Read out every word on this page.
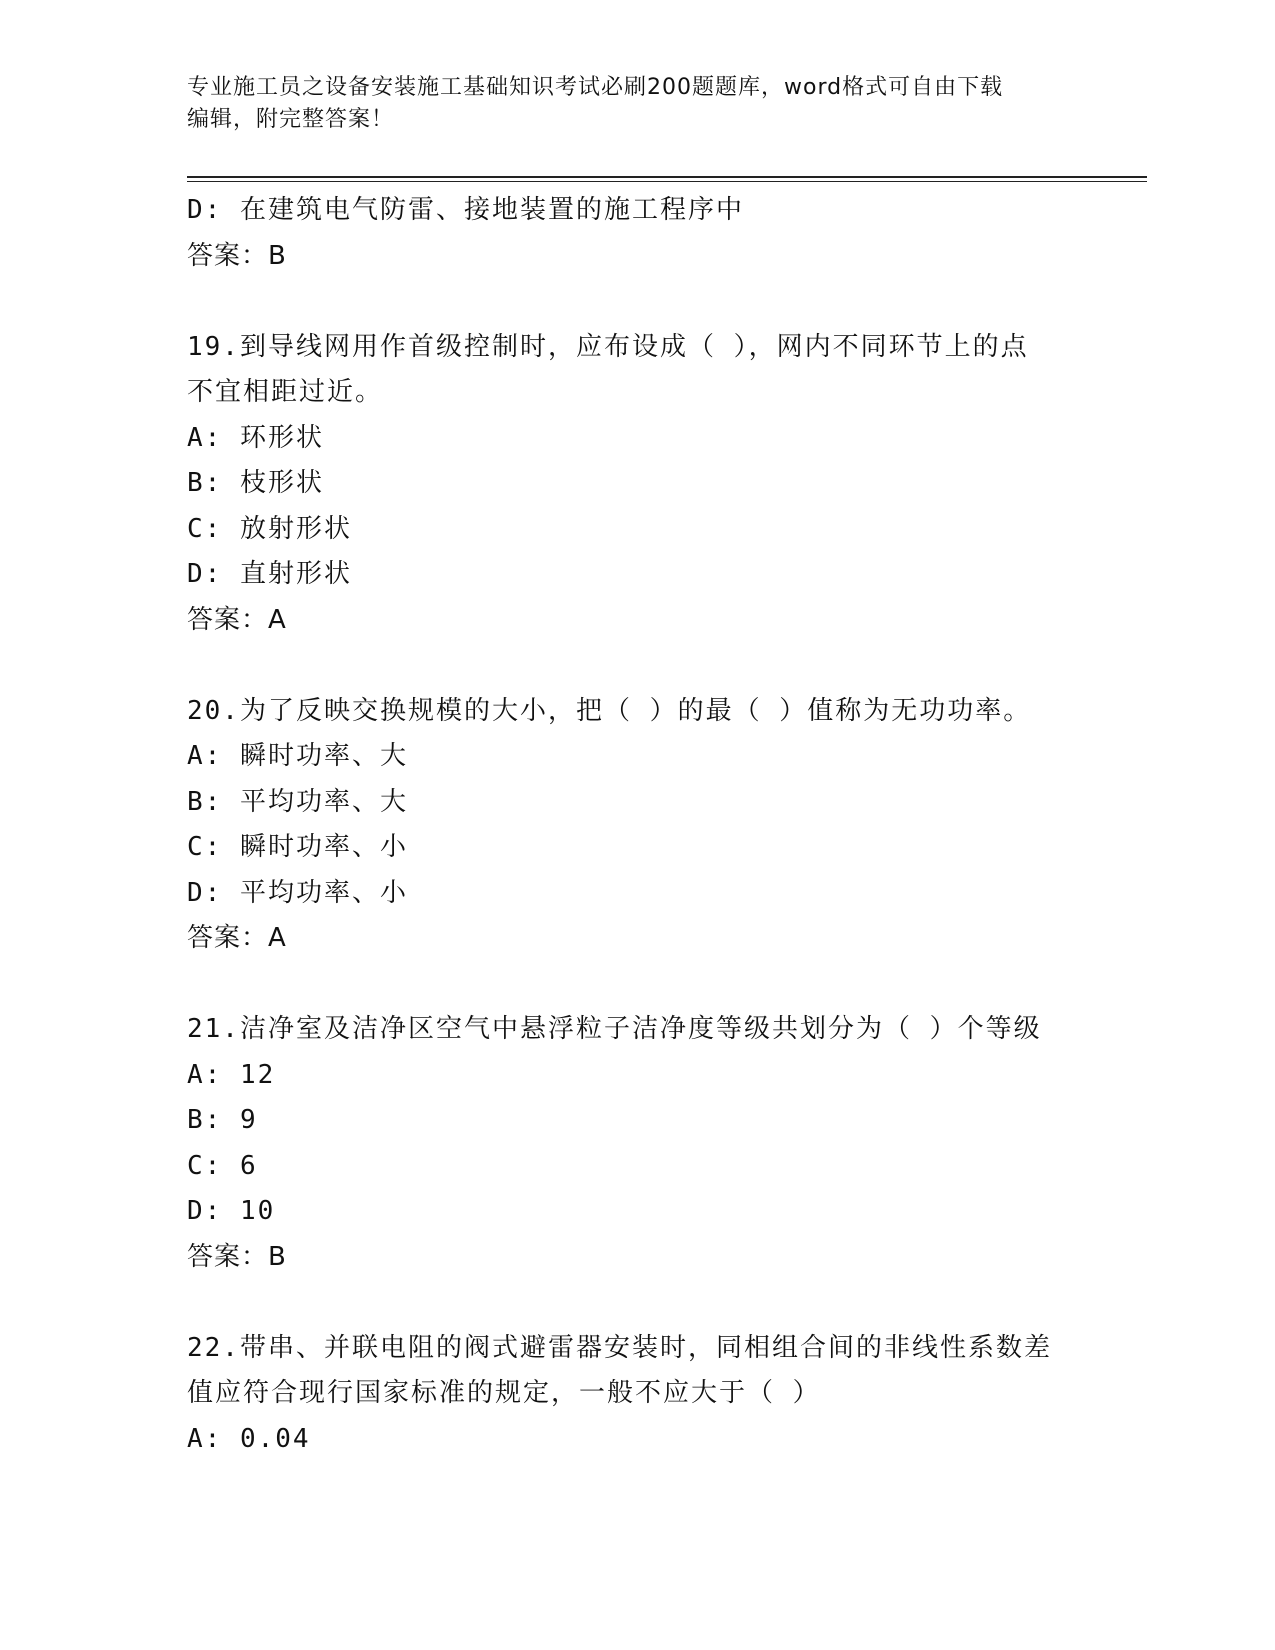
专业施工员之设备安装施工基础知识考试必刷200题题库，word格式可自由下载
编辑，附完整答案！
D: 在建筑电气防雷、接地装置的施工程序中
答案：B
19.到导线网用作首级控制时，应布设成（ ），网内不同环节上的点
不宜相距过近。
A: 环形状
B: 枝形状
C: 放射形状
D: 直射形状
答案：A
20.为了反映交换规模的大小，把（ ）的最（ ）值称为无功功率。
A: 瞬时功率、大
B: 平均功率、大
C: 瞬时功率、小
D: 平均功率、小
答案：A
21.洁净室及洁净区空气中悬浮粒子洁净度等级共划分为（ ）个等级
A: 12
B: 9
C: 6
D: 10
答案：B
22.带串、并联电阻的阀式避雷器安装时，同相组合间的非线性系数差
值应符合现行国家标准的规定，一般不应大于（ ）
A: 0.04
